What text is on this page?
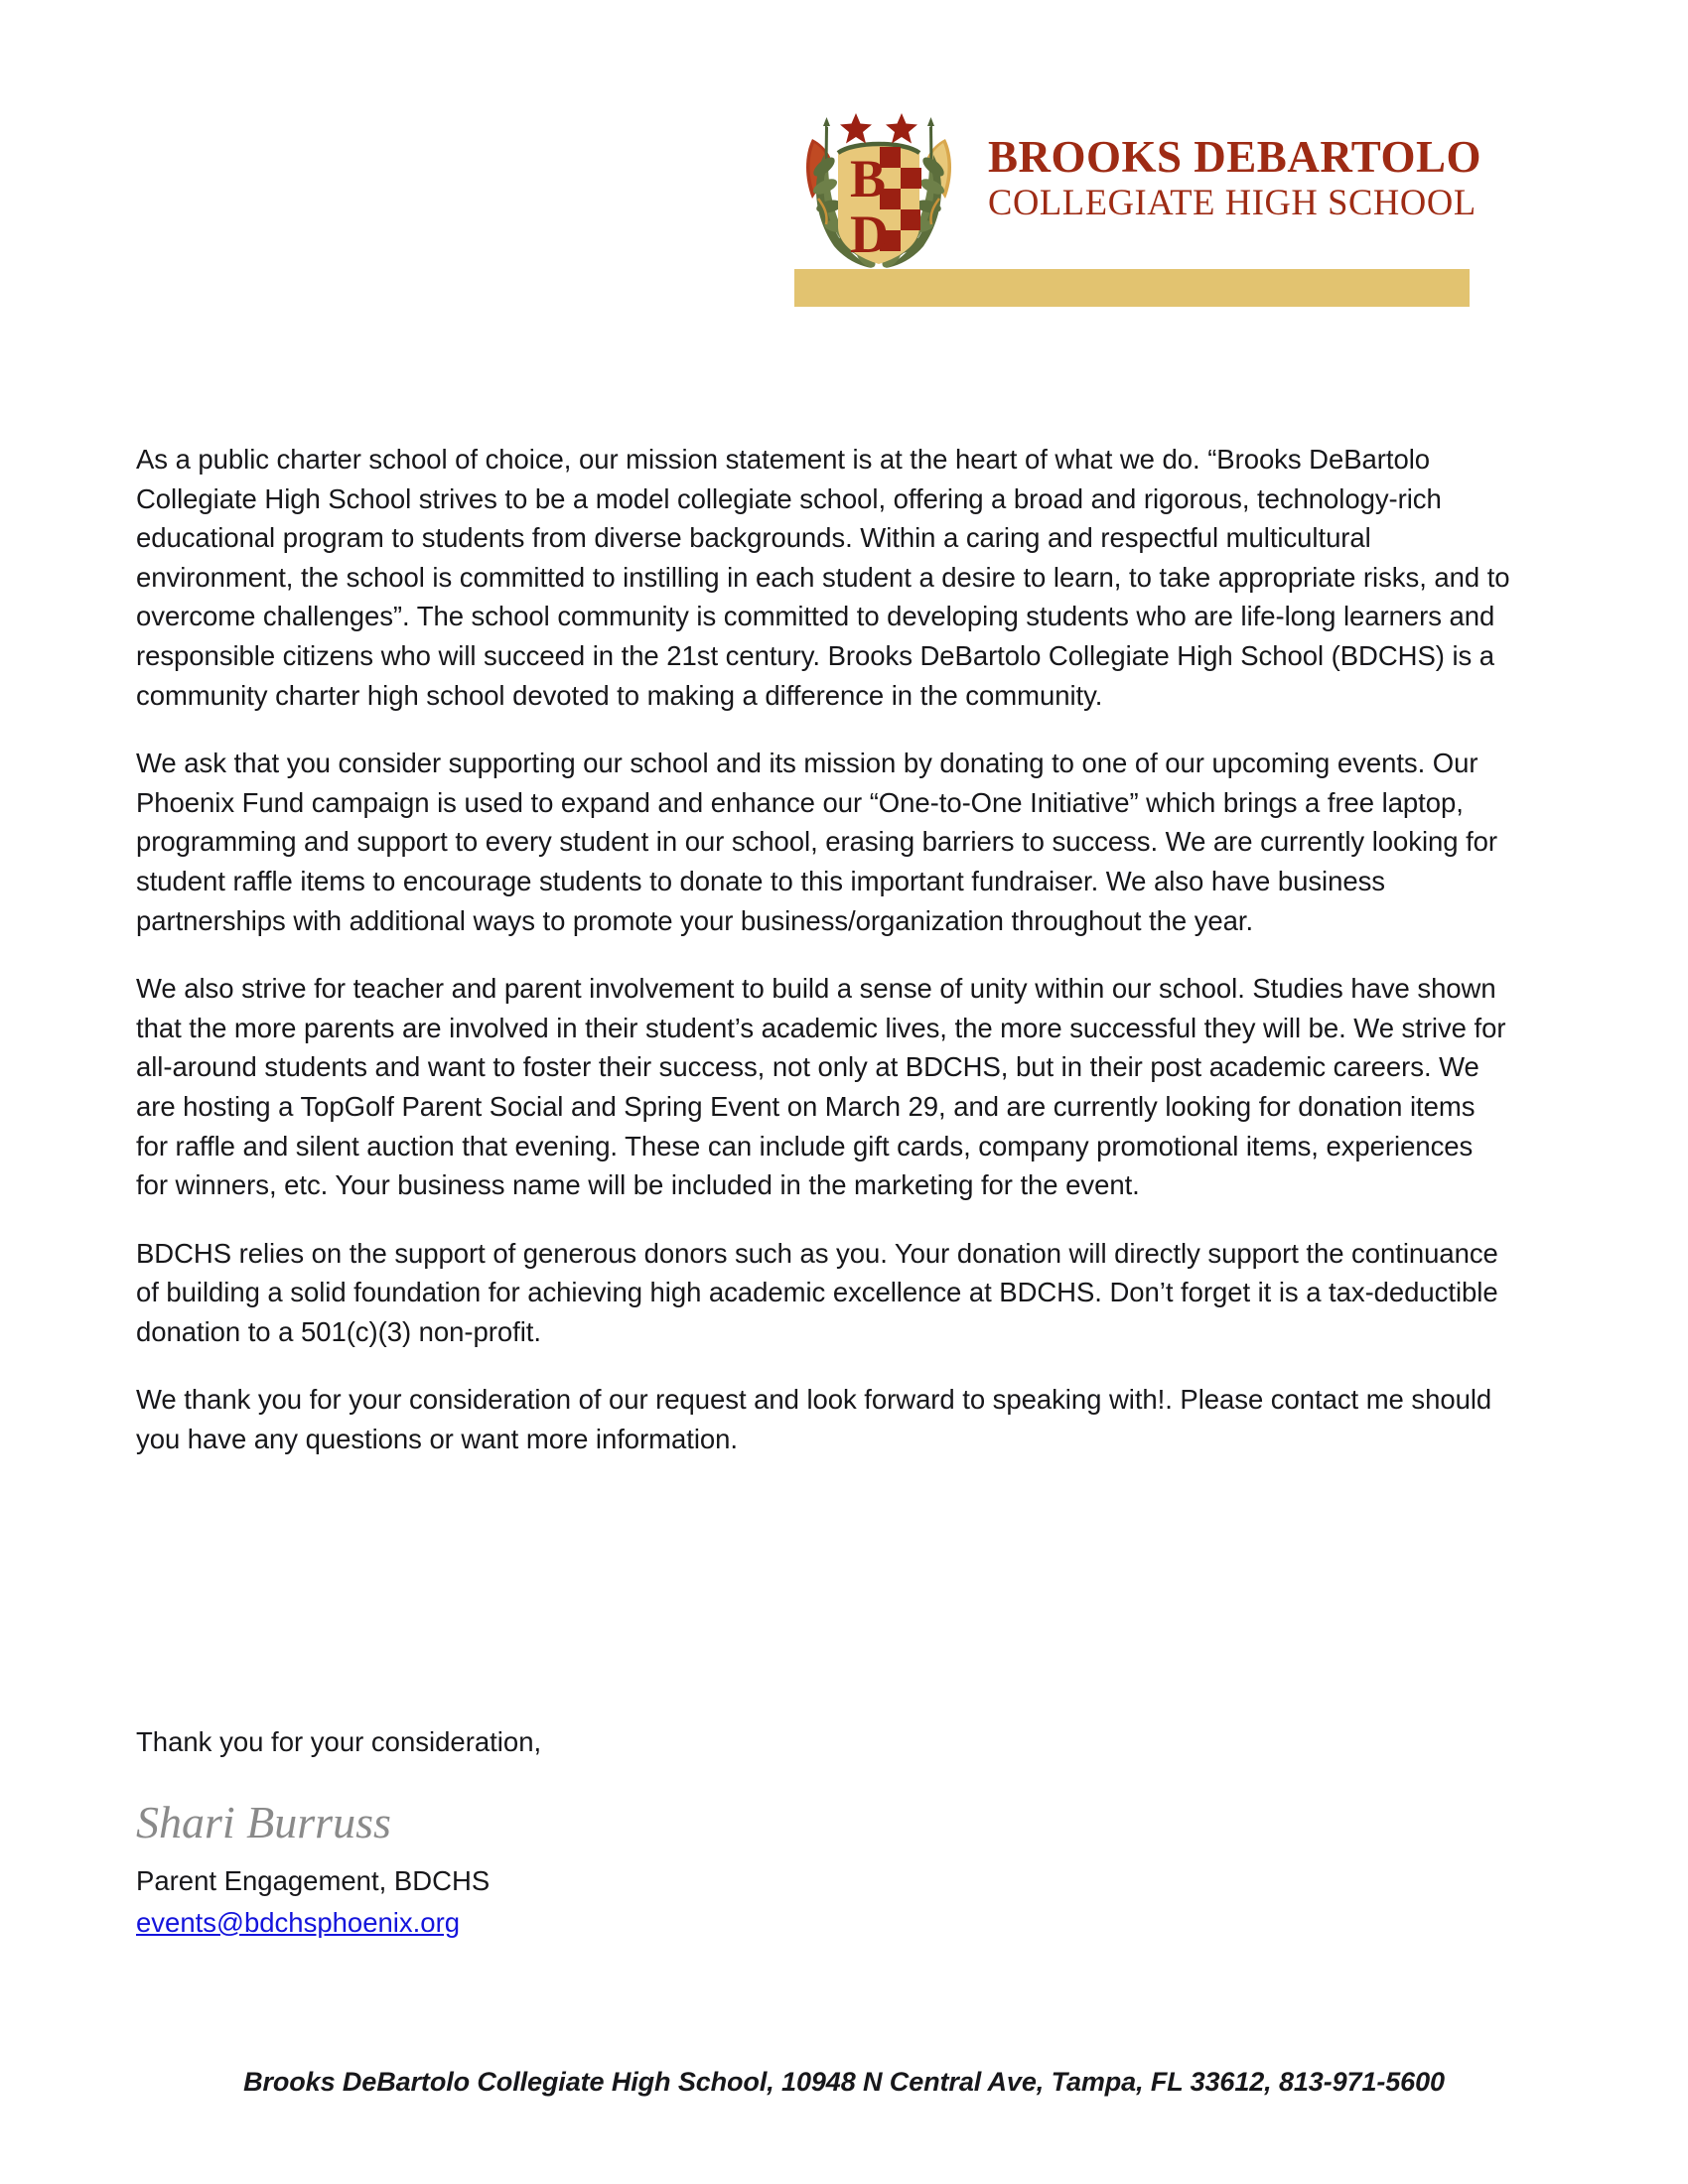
B
D
BROOKS DEBARTOLO
COLLEGIATE HIGH SCHOOL

As a public charter school of choice, our mission statement is at the heart of what we do. “Brooks DeBartolo Collegiate High School strives to be a model collegiate school, offering a broad and rigorous, technology-rich educational program to students from diverse backgrounds. Within a caring and respectful multicultural environment, the school is committed to instilling in each student a desire to learn, to take appropriate risks, and to overcome challenges”. The school community is committed to developing students who are life-long learners and responsible citizens who will succeed in the 21st century. Brooks DeBartolo Collegiate High School (BDCHS) is a community charter high school devoted to making a difference in the community.

We ask that you consider supporting our school and its mission by donating to one of our upcoming events. Our Phoenix Fund campaign is used to expand and enhance our “One-to-One Initiative” which brings a free laptop, programming and support to every student in our school, erasing barriers to success. We are currently looking for student raffle items to encourage students to donate to this important fundraiser. We also have business partnerships with additional ways to promote your business/organization throughout the year.

We also strive for teacher and parent involvement to build a sense of unity within our school. Studies have shown that the more parents are involved in their student’s academic lives, the more successful they will be. We strive for all-around students and want to foster their success, not only at BDCHS, but in their post academic careers. We are hosting a TopGolf Parent Social and Spring Event on March 29, and are currently looking for donation items for raffle and silent auction that evening. These can include gift cards, company promotional items, experiences for winners, etc. Your business name will be included in the marketing for the event.

BDCHS relies on the support of generous donors such as you. Your donation will directly support the continuance of building a solid foundation for achieving high academic excellence at BDCHS. Don’t forget it is a tax-deductible donation to a 501(c)(3) non-profit.

We thank you for your consideration of our request and look forward to speaking with!. Please contact me should you have any questions or want more information.

Thank you for your consideration,
Shari Burruss
Parent Engagement, BDCHS
events@bdchsphoenix.org
Brooks DeBartolo Collegiate High School, 10948 N Central Ave, Tampa, FL 33612, 813-971-5600
